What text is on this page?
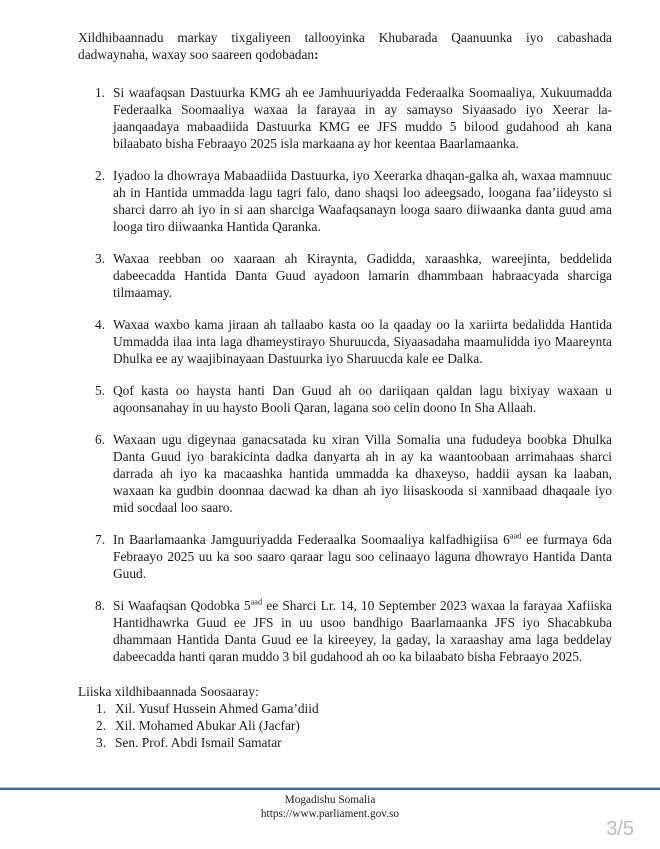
Xildhibaannadu markay tixgaliyeen tallooyinka Khubarada Qaanuunka iyo cabashada dadwaynaha, waxay soo saareen qodobadan:

1. Si waafaqsan Dastuurka KMG ah ee Jamhuuriyadda Federaalka Soomaaliya, Xukuumadda Federaalka Soomaaliya waxaa la farayaa in ay samayso Siyaasado iyo Xeerar la-jaanqaadaya mabaadiida Dastuurka KMG ee JFS muddo 5 bilood gudahood ah kana bilaabato bisha Febraayo 2025 isla markaana ay hor keentaa Baarlamaanka.
2. Iyadoo la dhowraya Mabaadiida Dastuurka, iyo Xeerarka dhaqan-galka ah, waxaa mamnuuc ah in Hantida ummadda lagu tagri falo, dano shaqsi loo adeegsado, loogana faa’iideysto si sharci darro ah iyo in si aan sharciga Waafaqsanayn looga saaro diiwaanka danta guud ama looga tiro diiwaanka Hantida Qaranka.
3. Waxaa reebban oo xaaraan ah Kiraynta, Gadidda, xaraashka, wareejinta, beddelida dabeecadda Hantida Danta Guud ayadoon lamarin dhammbaan habraacyada sharciga tilmaamay.
4. Waxaa waxbo kama jiraan ah tallaabo kasta oo la qaaday oo la xariirta bedalidda Hantida Ummadda ilaa inta laga dhameystirayo Shuruucda, Siyaasadaha maamulidda iyo Maareynta Dhulka ee ay waajibinayaan Dastuurka iyo Sharuucda kale ee Dalka.
5. Qof kasta oo haysta hanti Dan Guud ah oo dariiqaan qaldan lagu bixiyay waxaan u aqoonsanahay in uu haysto Booli Qaran, lagana soo celin doono In Sha Allaah.
6. Waxaan ugu digeynaa ganacsatada ku xiran Villa Somalia una fududeya boobka Dhulka Danta Guud iyo barakicinta dadka danyarta ah in ay ka waantoobaan arrimahaas sharci darrada ah iyo ka macaashka hantida ummadda ka dhaxeyso, haddii aysan ka laaban, waxaan ka gudbin doonnaa dacwad ka dhan ah iyo liisaskooda si xannibaad dhaqaale iyo mid socdaal loo saaro.
7. In Baarlamaanka Jamguuriyadda Federaalka Soomaaliya kalfadhigiisa $6^{aad}$ ee furmaya 6da Febraayo 2025 uu ka soo saaro qaraar lagu soo celinaayo laguna dhowrayo Hantida Danta Guud.
8. Si Waafaqsan Qodobka $5^{aad}$ ee Sharci Lr. 14, 10 September 2023 waxaa la farayaa Xafiiska Hantidhawrka Guud ee JFS in uu usoo bandhigo Baarlamaanka JFS iyo Shacabkuba dhammaan Hantida Danta Guud ee la kireeyey, la gaday, la xaraashay ama laga beddelay dabeecadda hanti qaran muddo 3 bil gudahood ah oo ka bilaabato bisha Febraayo 2025.

Liiska xildhibaannada Soosaaray:

1. Xil. Yusuf Hussein Ahmed Gama’diid
2. Xil. Mohamed Abukar Ali (Jacfar)
3. Sen. Prof. Abdi Ismail Samatar
Mogadishu Somalia
https://www.parliament.gov.so
3/5
